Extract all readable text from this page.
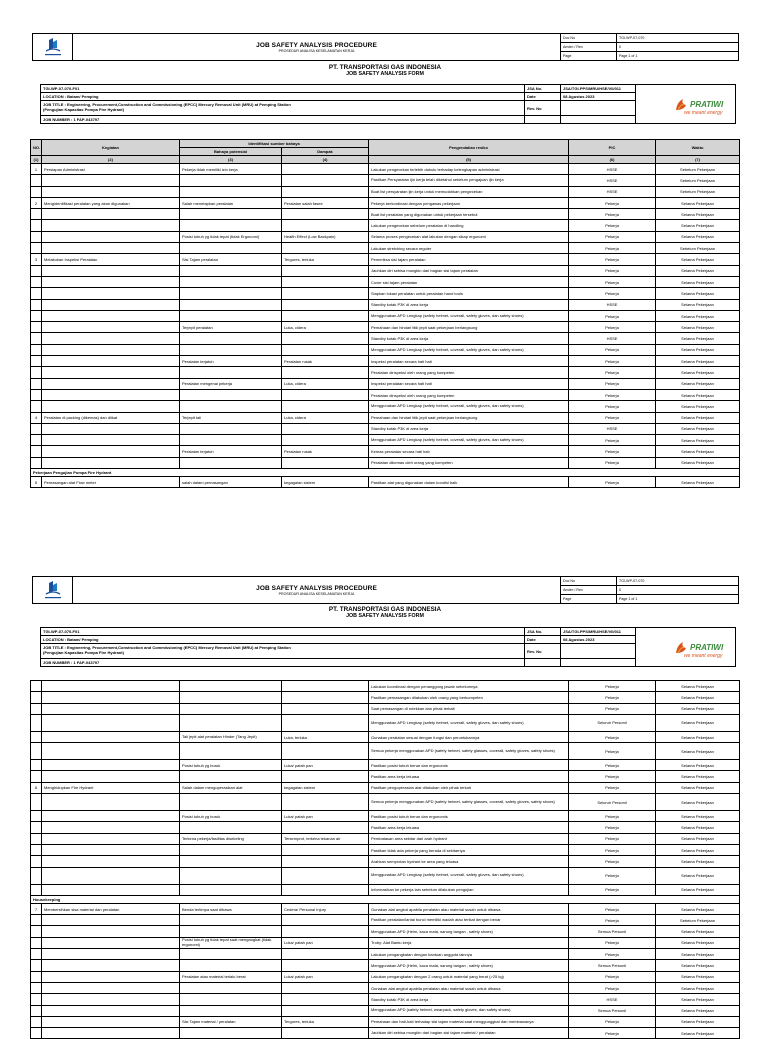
JOB SAFETY ANALYSIS PROCEDURE
PROSEDUR ANALISA KESELAMATAN KERJA	Doc No	TGI-WP-07-070
		Amdm / Rev	0
		Page	Page 1 of 1
PT. TRANSPORTASI GAS INDONESIA
JOB SAFETY ANALYSIS FORM
TGI-WP-07-070-F01	JSA No.	JSA/TGI-PPS/MRU/HSE/VII/011	
LOCATION : Batam/ Pemping	Date	08 Agustus 2023	

JOB TITLE : Engineering, Procurement,Construction and Commissioning (EPCC) Mercury Removal Unit (MRU) at Pemping Station
(Pengujian Kapasitas Pompa Fire Hydrant)	Rev. No		
JOB NUMBER : 1 FAP-043797			
PRATIWI
we meant energy
NO.	Kegiatan	Identifikasi sumber bahaya		Pengendalian resiko	PIC	Waktu
		Bahaya potensial	Dampak			
(1)	(2)	(3)	(4)	(5)	(6)	(7)
1	Persiapan Administrasi	Pekerja tidak memiliki izin kerja		Lakukan pengecekan terlebih dahulu terhadap kelengkapan administrasi	HSSE	Sebelum Pekerjaan
				Pastikan Persyaratan ijin kerja telah diketahui sebelum pengajuan ijin kerja	HSSE	Sebelum Pekerjaan
				Buat list persyaratan ijin kerja untuk memudahkan pengecekan	HSSE	Sebelum Pekerjaan
2	Mengidentifikasi peralatan yang akan digunakan	Salah menetapkan peralatan	Peralatan salah fasee	Pekerja berkordinasi dengan pengawas pekerjaan	Pekerja	Selama Pekerjaan
				Buat list peralatan yang digunakan untuk pekerjaan tersebut	Pekerja	Selama Pekerjaan
				Lakukan pengecekan sebelum peralatan di handling	Pekerja	Selama Pekerjaan
		Posisi tubuh yg tidak tepat (tidak Ergonomi)	Health Effect (Low Backpain)	Selama proses pengecekan alat lakukan dengan sikap ergonomi	Pekerja	Selama Pekerjaan
				Lakukan stretching secara reguler	Pekerja	Sebelum Pekerjaan
3	Melakukan Inspeksi Peralatan	Sisi Tajam peralatan	Tergores, terluka	Pemeriksa sisi tajam peralatan	Pekerja	Selama Pekerjaan
				Jauhkan diri sebisa mungkin dari bagian sisi tajam peralatan	Pekerja	Selama Pekerjaan
				Cover sisi tajam peralatan	Pekerja	Selama Pekerjaan
				Siapkan lokasi peralatan untuk peralatan hand tools	Pekerja	Selama Pekerjaan
				Standby kotak P3K di area kerja	HSSE	Selama Pekerjaan
				Menggunakan APD Lengkap (safety helmet, coverall, safety gloves, dan safety shoes)	Pekerja	Selama Pekerjaan
		Terjepit peralatan	Luka, cidera	Pemahaan dan hindari titik jepit saat pekerjaan berlangsung	Pekerja	Selama Pekerjaan
				Standby kotak P3K di area kerja	HSSE	Selama Pekerjaan
				Menggunakan APD Lengkap (safety helmet, coverall, safety gloves, dan safety shoes)	Pekerja	Selama Pekerjaan
		Peralatan terjatuh	Peralatan rusak	Inspeksi peralatan secara hati hati	Pekerja	Selama Pekerjaan
				Peralatan dinspeksi oleh orang yang kompeten	Pekerja	Selama Pekerjaan
		Peralatan mengenai pekerja	Luka, cidera	Inspeksi peralatan secara hati hati	Pekerja	Selama Pekerjaan
				Peralatan dinspeksi oleh orang yang kompeten	Pekerja	Selama Pekerjaan
				Menggunakan APD Lengkap (safety helmet, coverall, safety gloves, dan safety shoes)	Pekerja	Selama Pekerjaan
4	Peralatan di packing (dikemas) dan diikat	Terjepit tali	Luka, cidera	Pemahaan dan hindari titik jepit saat pekerjaan berlangsung	Pekerja	Selama Pekerjaan
				Standby kotak P3K di area kerja	HSSE	Selama Pekerjaan
				Menggunakan APD Lengkap (safety helmet, coverall, safety gloves, dan safety shoes)	Pekerja	Selama Pekerjaan
		Peralatan terjatuh	Peralatan rusak	Kemas peralatan secara hati hati	Pekerja	Selama Pekerjaan
				Peralatan dikemas oleh orang yang kompeten	Pekerja	Selama Pekerjaan
Pekerjaan Pengujian Pompa Fire Hydrant						
5	Pemasangan alat Flow meter	salah dalam pemasangan	kegagalan sistem	Pastikan alat yang digunakan dalam kondisi baik	Pekerja	Selama Pekerjaan

JOB SAFETY ANALYSIS PROCEDURE
PROSEDUR ANALISA KESELAMATAN KERJA	Doc No	TGI-WP-07-070
		Amdm / Rev	0
		Page	Page 1 of 1
PT. TRANSPORTASI GAS INDONESIA
JOB SAFETY ANALYSIS FORM
TGI-WP-07-070-F01	JSA No.	JSA/TGI-PPS/MRU/HSE/VII/011	
LOCATION : Batam/ Pemping	Date	08 Agustus 2023	

JOB TITLE : Engineering, Procurement,Construction and Commissioning (EPCC) Mercury Removal Unit (MRU) at Pemping Station
(Pengujian Kapasitas Pompa Fire Hydrant)	Rev. No		
JOB NUMBER : 1 FAP-043797			
PRATIWI
we meant energy
				Lakukan koordinasi dengan penanggung jawab sebelumnya	Pekerja	Selama Pekerjaan
				Pastikan pemasangan dilakukan oleh orang yang berkompeten	Pekerja	Selama Pekerjaan
				Saat pemasangan di rutekkan dan pihak terkait	Pekerja	Selama Pekerjaan
				Menggunakan APD Lengkap (safety helmet, coverall, safety gloves, dan safety shoes)	Seluruh Personil	Selama Pekerjaan
		Tali jepit alat peralatan Hinder (Tang Jepit)	Luka, terluka	Gunakan peralatan sesuai dengan fungsi dan peruntukannya	Pekerja	Selama Pekerjaan
				Semua pekerja menggunakan APD (safety helmet, safety glasses, coverall, safety gloves, safety shoes)	Pekerja	Selama Pekerjaan
		Posisi tubuh yg buruk	Luka/ patah pan	Pastikan posisi tubuh benar dan ergonomis	Pekerja	Selama Pekerjaan
				Pastikan area kerja leluasa	Pekerja	Selama Pekerjaan
6	Menghidupkan Fire Hydrant	Salah dalam mengoperasikan alat	kegagalan sistem	Pastikan pengoperasian alat dilakukan oleh pihak terkait	Pekerja	Selama Pekerjaan
				Semua pekerja menggunakan APD (safety helmet, safety glasses, coverall, safety gloves, safety shoes)	Seluruh Personil	Selama Pekerjaan
		Posisi tubuh yg buruk	Luka/ patah pan	Pastikan posisi tubuh benar dan ergonomis	Pekerja	Selama Pekerjaan
				Pastikan area kerja leluasa	Pekerja	Selama Pekerjaan
		Terkena pekerja/fasilitas disekeling	Tersemprot, terkena tekanan air	Pembatasan area sekitar dari arah hydrant	Pekerja	Selama Pekerjaan
				Pastikan tidak ada pekerja yang berada di sekitarnya	Pekerja	Selama Pekerjaan
				Arahkan semprotan hydrant ke area yang leluasa	Pekerja	Selama Pekerjaan
				Menggunakan APD Lengkap (safety helmet, coverall, safety gloves, dan safety shoes)	Pekerja	Selama Pekerjaan
				Informasikan ke pekerja lain sebelum dilakukan pengujian	Pekerja	Selama Pekerjaan
Housekeeping						
7	Membersihkan sisa material dan peralatan	Benda tertimpa saat dibawa	Cedera/ Personal Injury	Gunakan alat angkut apabila peralatan atau material susah untuk dibawa	Pekerja	Selama Pekerjaan
				Pastikan peralatan/lantai bunci memiliki wadah atau terikat dengan benar	Pekerja	Sebelum Pekerjaan
				Menggunakan APD (Helm, kaca mata, sarung tangan , safety shoes)	Semua Personil	Selama Pekerjaan
		Posisi tubuh yg tidak tepat saat mengangkat (tidak ergonomi)	Luka/ patah pan	Troby: Alat Bantu kerja	Pekerja	Selama Pekerjaan
				Lakukan pengangkatan dengan bantuan anggota lainnya	Pekerja	Selama Pekerjaan
				Menggunakan APD (Helm, kaca mata, sarung tangan , safety shoes)	Semua Personil	Selama Pekerjaan
		Peralatan atau material terlalu berat	Luka/ patah pan	Lakukan pengangkatan dengan 2 orang untuk material yang berat (>25 kg)	Pekerja	Selama Pekerjaan
				Gunakan alat angkut apabila peralatan atau material susah untuk dibawa	Pekerja	Selama Pekerjaan
				Standby kotak P3K di area kerja	HSSE	Selama Pekerjaan
				Menggunakan APD (safety helmet, wearpack, safety gloves, dan safety shoes)	Semua Personil	Selama Pekerjaan
		Sisi Tajam material / peralatan	Tergores, terluka	Pemahaan dan hati-hati terhadap sisi tajam material saat menggunggkat dan membawanya	Pekerja	Selama Pekerjaan
				Jauhkan diri sebisa mungkin dari bagian sisi tajam material / peralatan	Pekerja	Selama Pekerjaan
